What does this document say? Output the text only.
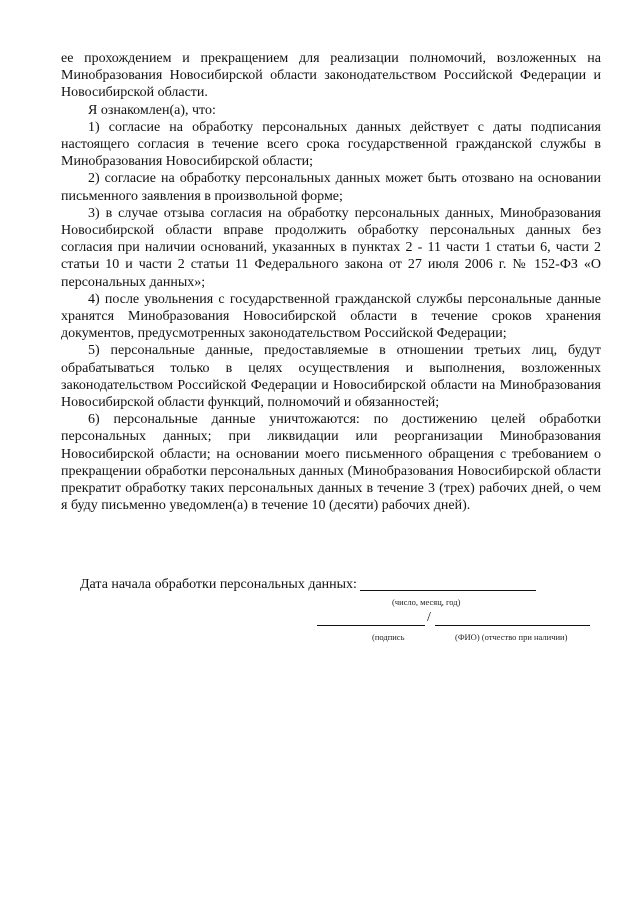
ее прохождением и прекращением для реализации полномочий, возложенных на Минобразования Новосибирской области законодательством Российской Федерации и Новосибирской области.

Я ознакомлен(а), что:

1) согласие на обработку персональных данных действует с даты подписания настоящего согласия в течение всего срока государственной гражданской службы в Минобразования Новосибирской области;

2) согласие на обработку персональных данных может быть отозвано на основании письменного заявления в произвольной форме;

3) в случае отзыва согласия на обработку персональных данных, Минобразования Новосибирской области вправе продолжить обработку персональных данных без согласия при наличии оснований, указанных в пунктах 2 - 11 части 1 статьи 6, части 2 статьи 10 и части 2 статьи 11 Федерального закона от 27 июля 2006 г. № 152-ФЗ «О персональных данных»;

4) после увольнения с государственной гражданской службы персональные данные хранятся Минобразования Новосибирской области в течение сроков хранения документов, предусмотренных законодательством Российской Федерации;

5) персональные данные, предоставляемые в отношении третьих лиц, будут обрабатываться только в целях осуществления и выполнения, возложенных законодательством Российской Федерации и Новосибирской области на Минобразования Новосибирской области функций, полномочий и обязанностей;

6) персональные данные уничтожаются: по достижению целей обработки персональных данных; при ликвидации или реорганизации Минобразования Новосибирской области; на основании моего письменного обращения с требованием о прекращении обработки персональных данных (Минобразования Новосибирской области прекратит обработку таких персональных данных в течение 3 (трех) рабочих дней, о чем я буду письменно уведомлен(а) в течение 10 (десяти) рабочих дней).

Дата начала обработки персональных данных:
(число, месяц, год)
/
(подпись	(ФИО) (отчество при наличии)
